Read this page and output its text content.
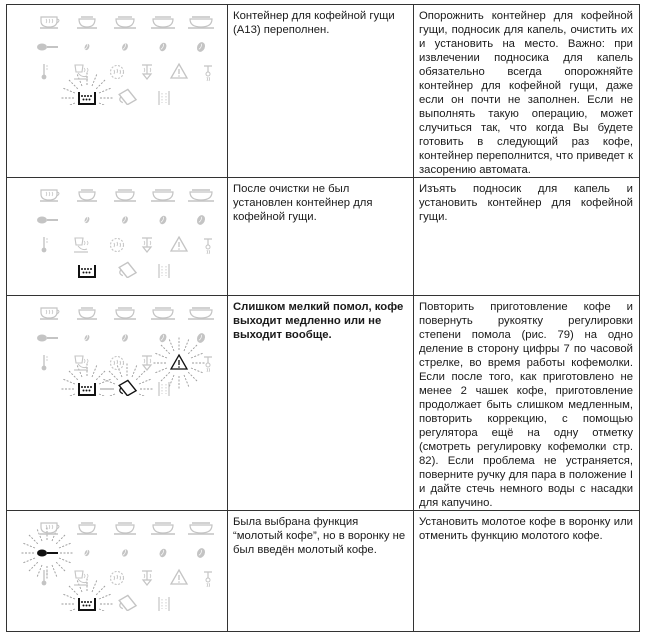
	Контейнер для кофейной гущи (A13) переполнен.	Опорожнить контейнер для кофейной гущи, подносик для капель, очистить их и установить на место. Важно: при извлечении подносика для капель обязательно всегда опорожняйте контейнер для кофейной гущи, даже если он почти не заполнен. Если не выполнять такую операцию, может случиться так, что когда Вы будете готовить в следующий раз кофе, контейнер переполнится, что приведет к засорению автомата.

	После очистки не был установлен контейнер для кофейной гущи.	Изъять подносик для капель и установить контейнер для кофейной гущи.

	Слишком мелкий помол, кофе выходит медленно или не выходит вообще.	Повторить приготовление кофе и повернуть рукоятку регулировки степени помола (рис. 79) на одно деление в сторону цифры 7 по часовой стрелке, во время работы кофемолки. Если после того, как приготовлено не менее 2 чашек кофе, приготовление продолжает быть слишком медленным, повторить коррекцию, с помощью регулятора ещё на одну отметку (смотреть регулировку кофемолки стр. 82). Если проблема не устраняется, поверните ручку для пара в положение I и дайте стечь немного воды с насадки для капучино.

	Была выбрана функция “молотый кофе”, но в воронку не был введён молотый кофе.	Установить молотое кофе в воронку или отменить функцию молотого кофе.
